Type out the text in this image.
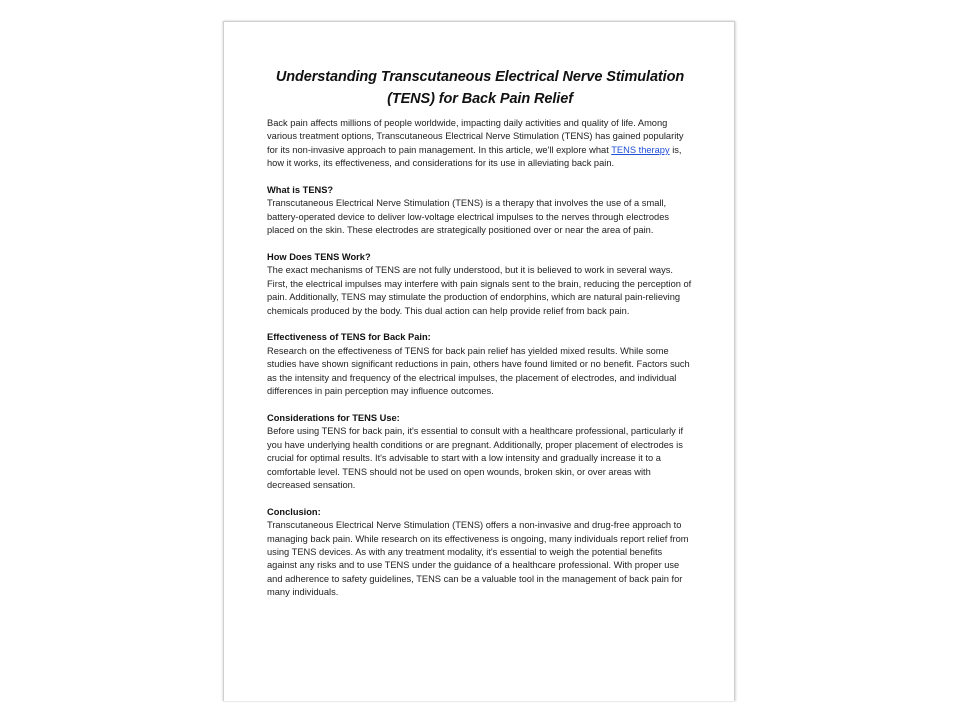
Understanding Transcutaneous Electrical Nerve Stimulation (TENS) for Back Pain Relief

Back pain affects millions of people worldwide, impacting daily activities and quality of life. Among various treatment options, Transcutaneous Electrical Nerve Stimulation (TENS) has gained popularity for its non-invasive approach to pain management. In this article, we'll explore what TENS therapy is, how it works, its effectiveness, and considerations for its use in alleviating back pain.

What is TENS?
Transcutaneous Electrical Nerve Stimulation (TENS) is a therapy that involves the use of a small, battery-operated device to deliver low-voltage electrical impulses to the nerves through electrodes placed on the skin. These electrodes are strategically positioned over or near the area of pain.

How Does TENS Work?
The exact mechanisms of TENS are not fully understood, but it is believed to work in several ways. First, the electrical impulses may interfere with pain signals sent to the brain, reducing the perception of pain. Additionally, TENS may stimulate the production of endorphins, which are natural pain-relieving chemicals produced by the body. This dual action can help provide relief from back pain.

Effectiveness of TENS for Back Pain:
Research on the effectiveness of TENS for back pain relief has yielded mixed results. While some studies have shown significant reductions in pain, others have found limited or no benefit. Factors such as the intensity and frequency of the electrical impulses, the placement of electrodes, and individual differences in pain perception may influence outcomes.

Considerations for TENS Use:
Before using TENS for back pain, it's essential to consult with a healthcare professional, particularly if you have underlying health conditions or are pregnant. Additionally, proper placement of electrodes is crucial for optimal results. It's advisable to start with a low intensity and gradually increase it to a comfortable level. TENS should not be used on open wounds, broken skin, or over areas with decreased sensation.

Conclusion:
Transcutaneous Electrical Nerve Stimulation (TENS) offers a non-invasive and drug-free approach to managing back pain. While research on its effectiveness is ongoing, many individuals report relief from using TENS devices. As with any treatment modality, it's essential to weigh the potential benefits against any risks and to use TENS under the guidance of a healthcare professional. With proper use and adherence to safety guidelines, TENS can be a valuable tool in the management of back pain for many individuals.
